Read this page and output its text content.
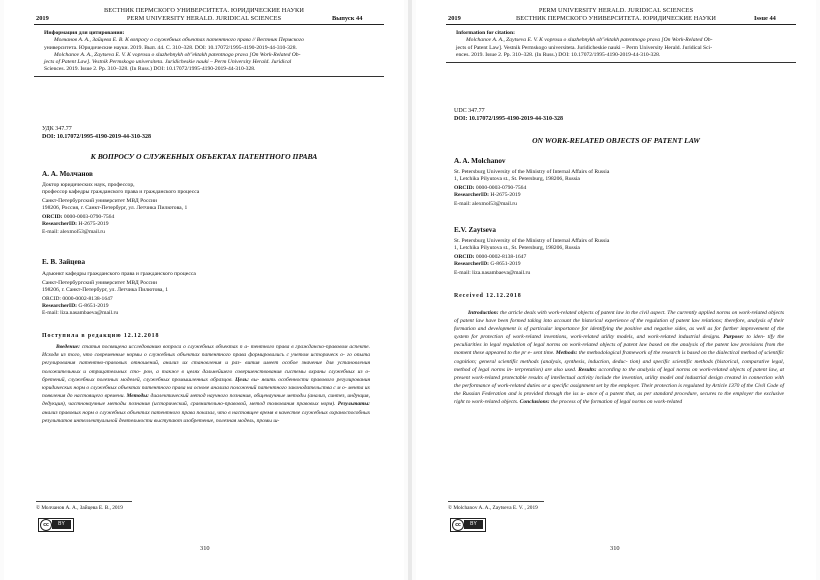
ВЕСТНИК ПЕРМСКОГО УНИВЕРСИТЕТА. ЮРИДИЧЕСКИЕ НАУКИ
2019	PERM UNIVERSITY HERALD. JURIDICAL SCIENCES	Выпуск 44
Информация для цитирования:
Молчанов А. А., Зайцева Е. В. К вопросу о служебных объектах патентного права // Вестник Пермского
университета. Юридические науки. 2019. Вып. 44. C. 310–328. DOI: 10.17072/1995-4190-2019-44-310-328.
Molchanov A. A., Zaytseva E. V. K voprosu o sluzhebnykh ob"ektakh patentnogo prava [On Work-Related Ob-
jects of Patent Law]. Vestnik Permskogo universiteta. Juridicheskie nauki – Perm University Herald. Juridical
Sciences. 2019. Issue 2. Pp. 310–328. (In Russ.) DOI: 10.17072/1995-4190-2019-44-310-328.
УДК 347.77
DOI: 10.17072/1995-4190-2019-44-310-328
К ВОПРОСУ О СЛУЖЕБНЫХ ОБЪЕКТАХ ПАТЕНТНОГО ПРАВА
А. А. Молчанов
Доктор юридических наук, профессор,
профессор кафедры гражданского права и гражданского процесса
Санкт-Петербургский университет МВД России
198206, Россия, г. Санкт-Петербург, ул. Летчика Пилютова, 1
ORCID: 0000-0003-0790-7564
ResearcherID: H-2675-2019
E-mail: alexmol53@mail.ru
Е. В. Зайцева
Адъюнкт кафедры гражданского права и гражданского процесса
Санкт-Петербургский университет МВД России
198206, г. Санкт-Петербург, ул. Летчика Пилютова, 1
ORCID: 0000-0002-8138-1647
ResearcherID: G-8651-2019
E-mail: liza.nasambaeva@mail.ru
Поступила в редакцию 12.12.2018
Введение: статья посвящена исследованию вопроса о служебных объектах п а- тентного права в гражданско-правовом аспекте. Исходя из того, что современные нормы о служебных объектах патентного права формировались с учетом историческ о- го опыта регулирования патентно-правовых отношений, анализ их становления и раз- вития имеет особое значение для установления положительных и отрицательных сто- рон, а также в целях дальнейшего совершенствования системы охраны служебных из о- бретений, служебных полезных моделей, служебных промышленных образцов. Цель: вы- явить особенности правового регулирования юридических норм о служебных объектах патентного права на основе анализа положений патентного законодательства с м о- мента их появления до настоящего времени. Методы: диалектический метод научного познания, общенаучные методы (анализ, синтез, индукция, дедукция), частнонаучные методы познания (исторический, сравнительно-правовой, метод толкования правовых норм). Результаты: анализ правовых норм о служебных объектах патентного права показал, что в настоящее время в качестве служебных охраноспособных результатов интеллектуальной деятельности выступают изобретение, полезная модель, промы ш-
© Молчанов А. А., Зайцева Е. В., 2019
cc	BY
310
PERM UNIVERSITY HERALD. JURIDICAL SCIENCES
2019	ВЕСТНИК ПЕРМСКОГО УНИВЕРСИТЕТА. ЮРИДИЧЕСКИЕ НАУКИ	Issue 44
Information for citation:
Molchanov A. A., Zaytseva E. V. K voprosu o sluzhebnykh ob"ektakh patentnogo prava [On Work-Related Ob-
jects of Patent Law]. Vestnik Permskogo universiteta. Juridicheskie nauki – Perm University Herald. Juridical Sci-
ences. 2019. Issue 2. Pp. 310–328. (In Russ.) DOI: 10.17072/1995-4190-2019-44-310-328.
UDC 347.77
DOI: 10.17072/1995-4190-2019-44-310-328
ON WORK-RELATED OBJECTS OF PATENT LAW
A. A. Molchanov
St. Petersburg University of the Ministry of Internal Affairs of Russia
1, Letchika Pilyutova st., St. Petersburg, 198206, Russia
ORCID: 0000-0003-0790-7564
ResearcherID: H-2675-2019
E-mail: alexmol53@mail.ru
E.V. Zaytseva
St. Petersburg University of the Ministry of Internal Affairs of Russia
1, Letchika Pilyutova st., St. Petersburg, 198206, Russia
ORCID: 0000-0002-8138-1647
ResearcherID: G-8651-2019
E-mail: liza.nasambaeva@mail.ru
Received 12.12.2018
Introduction: the article deals with work-related objects of patent law in the civil aspect. The currently applied norms on work-related objects of patent law have been formed taking into account the historical experience of the regulation of patent law relations; therefore, analysis of their formation and development is of particular importance for identifying the positive and negative sides, as well as for further improvement of the system for protection of work-related inventions, work-related utility models, and work-related industrial designs. Purpose: to iden- tify the peculiarities in legal regulation of legal norms on work-related objects of patent law based on the analysis of the patent law provisions from the moment these appeared to the pr e- sent time. Methods: the methodological framework of the research is based on the dialectical method of scientific cognition; general scientific methods (analysis, synthesis, induction, deduc- tion) and specific scientific methods (historical, comparative legal, method of legal norms in- terpretation) are also used. Results: according to the analysis of legal norms on work-related objects of patent law, at present work-related protectable results of intellectual activity include the invention, utility model and industrial design created in connection with the performance of work-related duties or a specific assignment set by the employer. Their protection is regulated by Article 1370 of the Civil Code of the Russian Federation and is provided through the iss u- ance of a patent that, as per standard procedure, secures to the employer the exclusive right to work-related objects. Conclusions: the process of the formation of legal norms on work-related
© Molchanov A. A., Zaytseva E. V. , 2019
cc	BY
310
